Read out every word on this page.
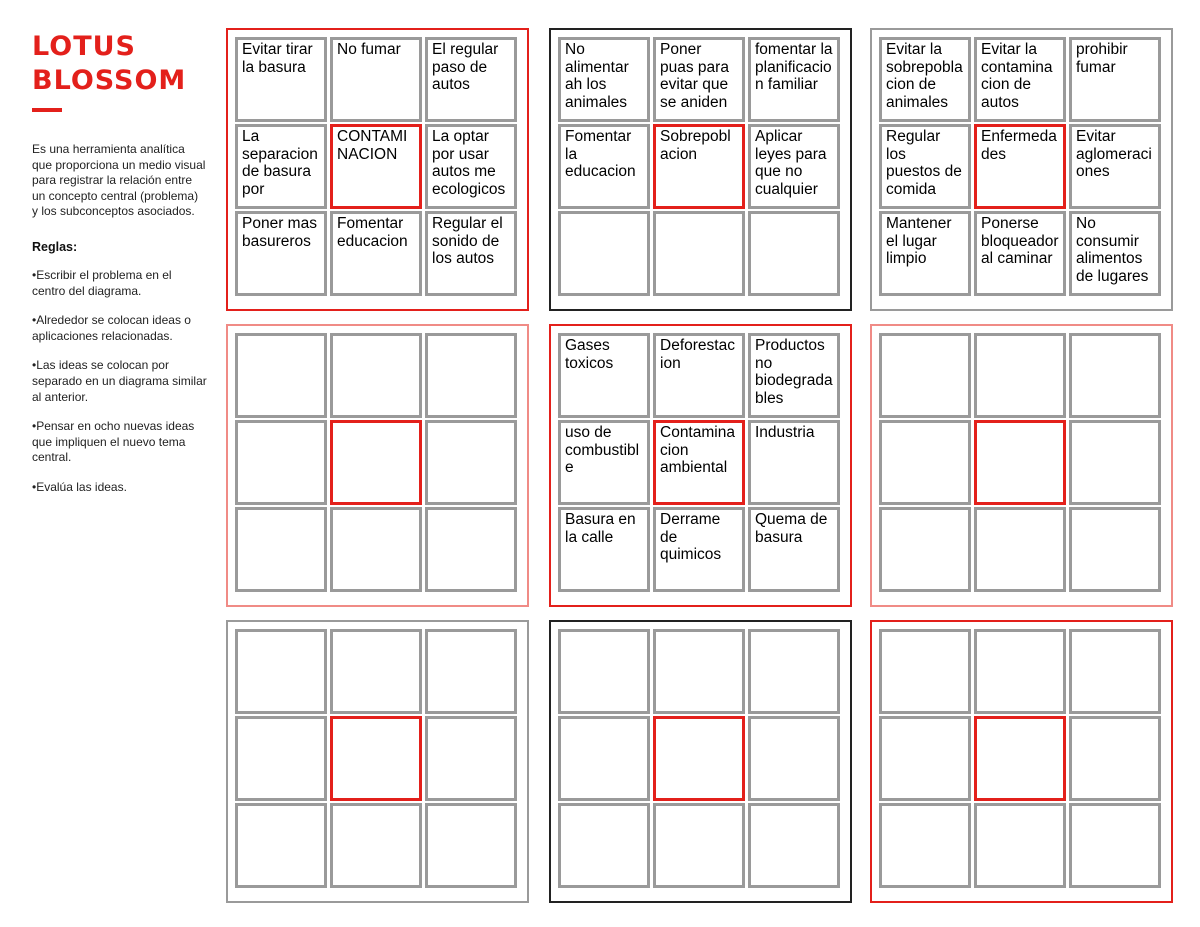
LOTUS
BLOSSOM

Es una herramienta analítica que proporciona un medio visual para registrar la relación entre un concepto central (problema) y los subconceptos asociados.

Reglas:

•Escribir el problema en el centro del diagrama.

•Alrededor se colocan ideas o aplicaciones relacionadas.

•Las ideas se colocan por separado en un diagrama similar al anterior.

•Pensar en ocho nuevas ideas que impliquen el nuevo tema central.

•Evalúa las ideas.

Evitar tirar la basura
No fumar	El regular paso de autos
La separacion de basura por
CONTAMINACION
La optar por usar autos me ecologicos
Poner mas basureros
Fomentar educacion
Regular el sonido de los autos
No alimentar ah los animales
Poner puas para evitar que se aniden
fomentar la planificacion familiar
Fomentar la educacion
Sobrepoblacion
Aplicar leyes para que no cualquier
Evitar la sobrepoblacion de animales
Evitar la contaminacion de autos
prohibir fumar
Regular los puestos de comida
Enfermedades
Evitar aglomeraciones
Mantener el lugar limpio
Ponerse bloqueador al caminar
No consumir alimentos de lugares
Gases toxicos
Deforestacion
Productos no biodegradables
uso de combustible
Contaminacion ambiental
Industria
Basura en la calle
Derrame de quimicos
Quema de basura
